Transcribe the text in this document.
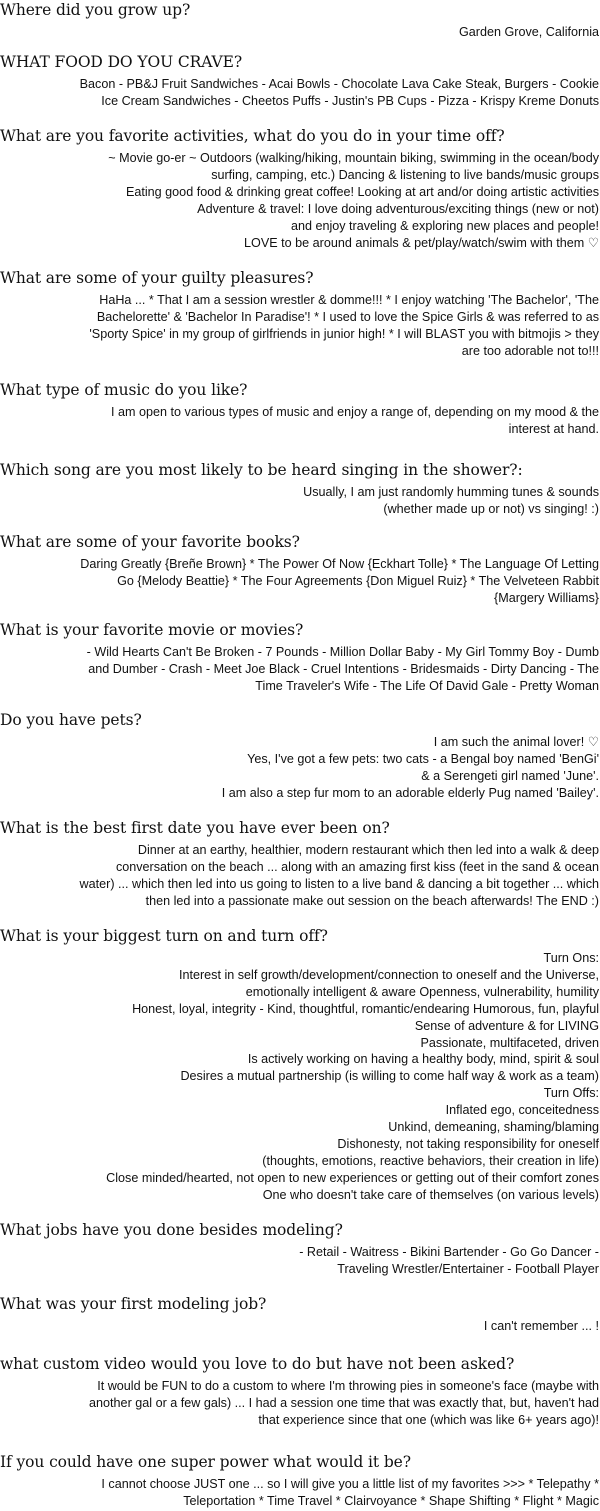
Where did you grow up?
Garden Grove, California
WHAT FOOD DO YOU CRAVE?
Bacon - PB&J Fruit Sandwiches - Acai Bowls - Chocolate Lava Cake Steak, Burgers - Cookie
Ice Cream Sandwiches - Cheetos Puffs - Justin's PB Cups - Pizza - Krispy Kreme Donuts
What are you favorite activities, what do you do in your time off?
~ Movie go-er ~ Outdoors (walking/hiking, mountain biking, swimming in the ocean/body
surfing, camping, etc.) Dancing & listening to live bands/music groups
Eating good food & drinking great coffee! Looking at art and/or doing artistic activities
Adventure & travel: I love doing adventurous/exciting things (new or not)
and enjoy traveling & exploring new places and people!
LOVE to be around animals & pet/play/watch/swim with them ♡
What are some of your guilty pleasures?
HaHa ... * That I am a session wrestler & domme!!! * I enjoy watching 'The Bachelor', 'The
Bachelorette' & 'Bachelor In Paradise'! * I used to love the Spice Girls & was referred to as
'Sporty Spice' in my group of girlfriends in junior high! * I will BLAST you with bitmojis > they
are too adorable not to!!!
What type of music do you like?
I am open to various types of music and enjoy a range of, depending on my mood & the
interest at hand.
Which song are you most likely to be heard singing in the shower?:
Usually, I am just randomly humming tunes & sounds
(whether made up or not) vs singing! :)
What are some of your favorite books?
Daring Greatly {Breñe Brown} * The Power Of Now {Eckhart Tolle} * The Language Of Letting
Go {Melody Beattie} * The Four Agreements {Don Miguel Ruiz} * The Velveteen Rabbit
{Margery Williams}
What is your favorite movie or movies?
- Wild Hearts Can't Be Broken - 7 Pounds - Million Dollar Baby - My Girl Tommy Boy - Dumb
and Dumber - Crash - Meet Joe Black - Cruel Intentions - Bridesmaids - Dirty Dancing - The
Time Traveler's Wife - The Life Of David Gale - Pretty Woman
Do you have pets?
I am such the animal lover! ♡
Yes, I've got a few pets: two cats - a Bengal boy named 'BenGi'
& a Serengeti girl named 'June'.
I am also a step fur mom to an adorable elderly Pug named 'Bailey'.
What is the best first date you have ever been on?
Dinner at an earthy, healthier, modern restaurant which then led into a walk & deep
conversation on the beach ... along with an amazing first kiss (feet in the sand & ocean
water) ... which then led into us going to listen to a live band & dancing a bit together ... which
then led into a passionate make out session on the beach afterwards! The END :)
What is your biggest turn on and turn off?
Turn Ons:
Interest in self growth/development/connection to oneself and the Universe,
emotionally intelligent & aware Openness, vulnerability, humility
Honest, loyal, integrity - Kind, thoughtful, romantic/endearing Humorous, fun, playful
Sense of adventure & for LIVING
Passionate, multifaceted, driven
Is actively working on having a healthy body, mind, spirit & soul
Desires a mutual partnership (is willing to come half way & work as a team)
Turn Offs:
Inflated ego, conceitedness
Unkind, demeaning, shaming/blaming
Dishonesty, not taking responsibility for oneself
(thoughts, emotions, reactive behaviors, their creation in life)
Close minded/hearted, not open to new experiences or getting out of their comfort zones
One who doesn't take care of themselves (on various levels)
What jobs have you done besides modeling?
- Retail - Waitress - Bikini Bartender - Go Go Dancer -
Traveling Wrestler/Entertainer - Football Player
What was your first modeling job?
I can't remember ... !
what custom video would you love to do but have not been asked?
It would be FUN to do a custom to where I'm throwing pies in someone's face (maybe with
another gal or a few gals) ... I had a session one time that was exactly that, but, haven't had
that experience since that one (which was like 6+ years ago)!
If you could have one super power what would it be?
I cannot choose JUST one ... so I will give you a little list of my favorites >>> * Telepathy *
Teleportation * Time Travel * Clairvoyance * Shape Shifting * Flight * Magic
